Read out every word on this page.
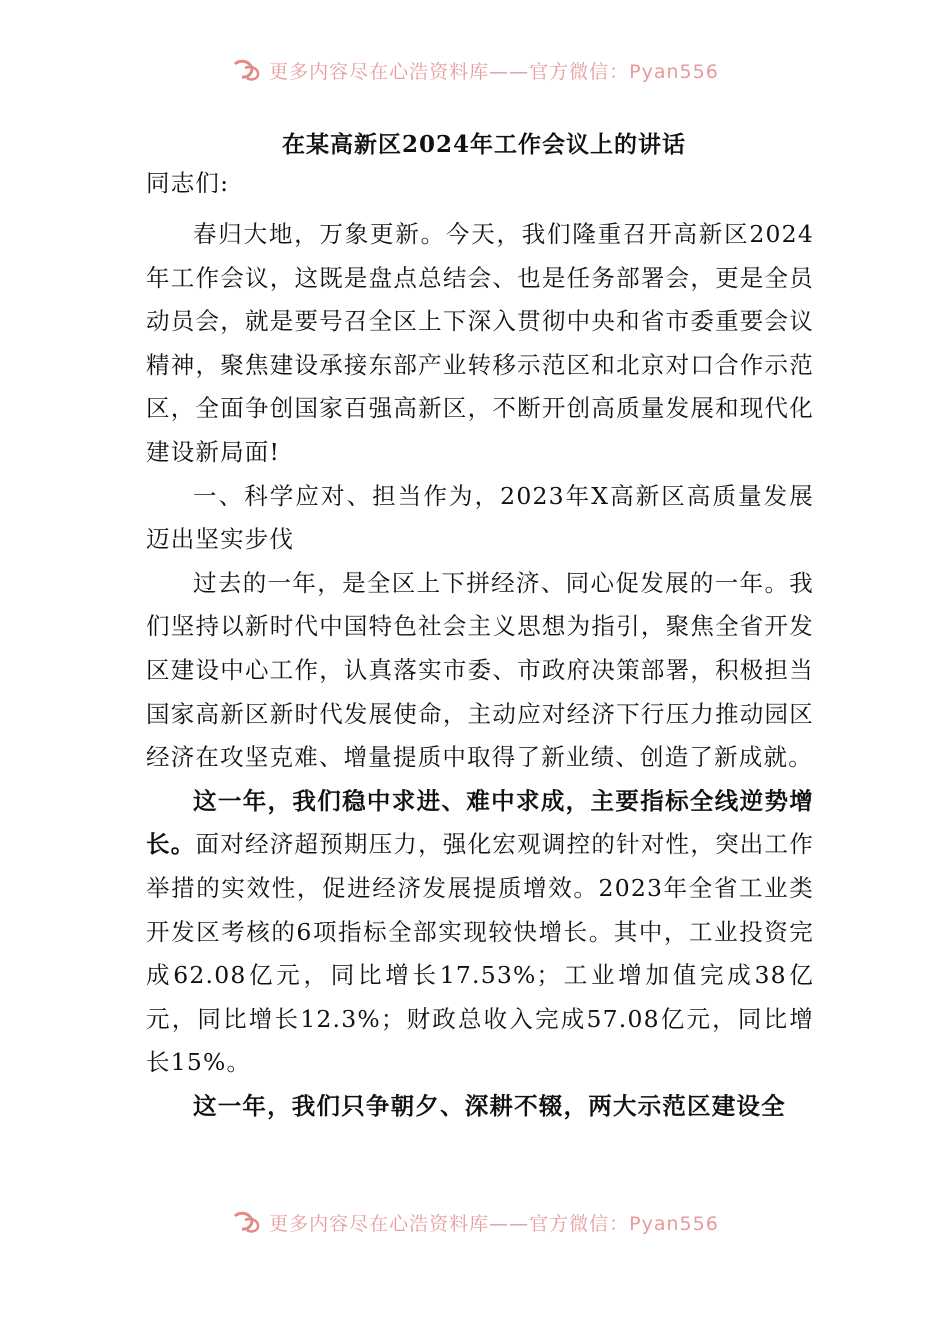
更多内容尽在心浩资料库——官方微信：Pyan556
在某高新区2024年工作会议上的讲话

同志们:

春归大地，万象更新。今天，我们隆重召开高新区2024年工作会议，这既是盘点总结会、也是任务部署会，更是全员动员会，就是要号召全区上下深入贯彻中央和省市委重要会议精神，聚焦建设承接东部产业转移示范区和北京对口合作示范区，全面争创国家百强高新区，不断开创高质量发展和现代化建设新局面!

一、科学应对、担当作为，2023年X高新区高质量发展迈出坚实步伐

过去的一年，是全区上下拼经济、同心促发展的一年。我们坚持以新时代中国特色社会主义思想为指引，聚焦全省开发区建设中心工作，认真落实市委、市政府决策部署，积极担当国家高新区新时代发展使命，主动应对经济下行压力推动园区经济在攻坚克难、增量提质中取得了新业绩、创造了新成就。

这一年，我们稳中求进、难中求成，主要指标全线逆势增长。面对经济超预期压力，强化宏观调控的针对性，突出工作举措的实效性，促进经济发展提质增效。2023年全省工业类开发区考核的6项指标全部实现较快增长。其中，工业投资完成62.08亿元，同比增长17.53%；工业增加值完成38亿元，同比增长12.3%；财政总收入完成57.08亿元，同比增长15%。

这一年，我们只争朝夕、深耕不辍，两大示范区建设全

更多内容尽在心浩资料库——官方微信：Pyan556
